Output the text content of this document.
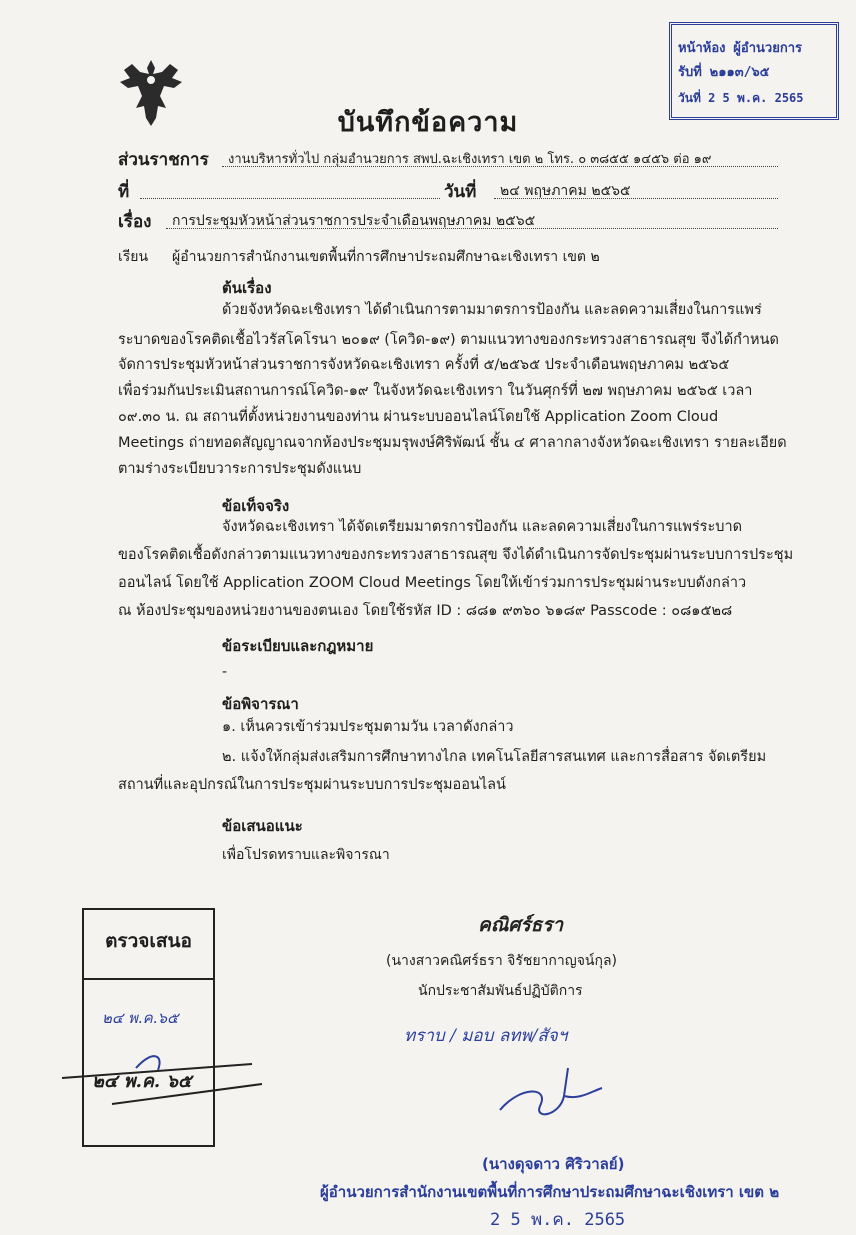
หน้าห้อง ผู้อำนวยการ
รับที่ ๒๑๑๓/๖๕
วันที่ 2 5 พ.ค. 2565
บันทึกข้อความ
ส่วนราชการ งานบริหารทั่วไป กลุ่มอำนวยการ สพป.ฉะเชิงเทรา เขต ๒ โทร. ๐ ๓๘๕๕ ๑๔๕๖ ต่อ ๑๙
ที่	วันที่ ๒๔ พฤษภาคม ๒๕๖๕
เรื่อง การประชุมหัวหน้าส่วนราชการประจำเดือนพฤษภาคม ๒๕๖๕
เรียน ผู้อำนวยการสำนักงานเขตพื้นที่การศึกษาประถมศึกษาฉะเชิงเทรา เขต ๒
ต้นเรื่อง
ด้วยจังหวัดฉะเชิงเทรา ได้ดำเนินการตามมาตรการป้องกัน และลดความเสี่ยงในการแพร่
ระบาดของโรคติดเชื้อไวรัสโคโรนา ๒๐๑๙ (โควิด-๑๙) ตามแนวทางของกระทรวงสาธารณสุข จึงได้กำหนด
จัดการประชุมหัวหน้าส่วนราชการจังหวัดฉะเชิงเทรา ครั้งที่ ๕/๒๕๖๕ ประจำเดือนพฤษภาคม ๒๕๖๕
เพื่อร่วมกันประเมินสถานการณ์โควิด-๑๙ ในจังหวัดฉะเชิงเทรา ในวันศุกร์ที่ ๒๗ พฤษภาคม ๒๕๖๕ เวลา
๐๙.๓๐ น. ณ สถานที่ตั้งหน่วยงานของท่าน ผ่านระบบออนไลน์โดยใช้ Application Zoom Cloud
Meetings ถ่ายทอดสัญญาณจากห้องประชุมมรุพงษ์ศิริพัฒน์ ชั้น ๔ ศาลากลางจังหวัดฉะเชิงเทรา รายละเอียด
ตามร่างระเบียบวาระการประชุมดังแนบ
ข้อเท็จจริง
จังหวัดฉะเชิงเทรา ได้จัดเตรียมมาตรการป้องกัน และลดความเสี่ยงในการแพร่ระบาด
ของโรคติดเชื้อดังกล่าวตามแนวทางของกระทรวงสาธารณสุข จึงได้ดำเนินการจัดประชุมผ่านระบบการประชุม
ออนไลน์ โดยใช้ Application ZOOM Cloud Meetings โดยให้เข้าร่วมการประชุมผ่านระบบดังกล่าว
ณ ห้องประชุมของหน่วยงานของตนเอง โดยใช้รหัส ID : ๘๘๑ ๙๓๖๐ ๖๑๘๙ Passcode : ๐๘๑๕๒๘
ข้อระเบียบและกฎหมาย
-
ข้อพิจารณา
๑. เห็นควรเข้าร่วมประชุมตามวัน เวลาดังกล่าว
๒. แจ้งให้กลุ่มส่งเสริมการศึกษาทางไกล เทคโนโลยีสารสนเทศ และการสื่อสาร จัดเตรียม
สถานที่และอุปกรณ์ในการประชุมผ่านระบบการประชุมออนไลน์
ข้อเสนอแนะ
เพื่อโปรดทราบและพิจารณา
ตรวจเสนอ
๒๔ พ.ค.๖๕
๒๔ พ.ค. ๖๕
คณิศร์ธรา
(นางสาวคณิศร์ธรา จิรัชยากาญจน์กุล)
นักประชาสัมพันธ์ปฏิบัติการ
ทราบ / มอบ ลทพ/สัจฯ
(นางดุจดาว ศิริวาลย์)
ผู้อำนวยการสำนักงานเขตพื้นที่การศึกษาประถมศึกษาฉะเชิงเทรา เขต ๒
2 5 พ.ค. 2565
